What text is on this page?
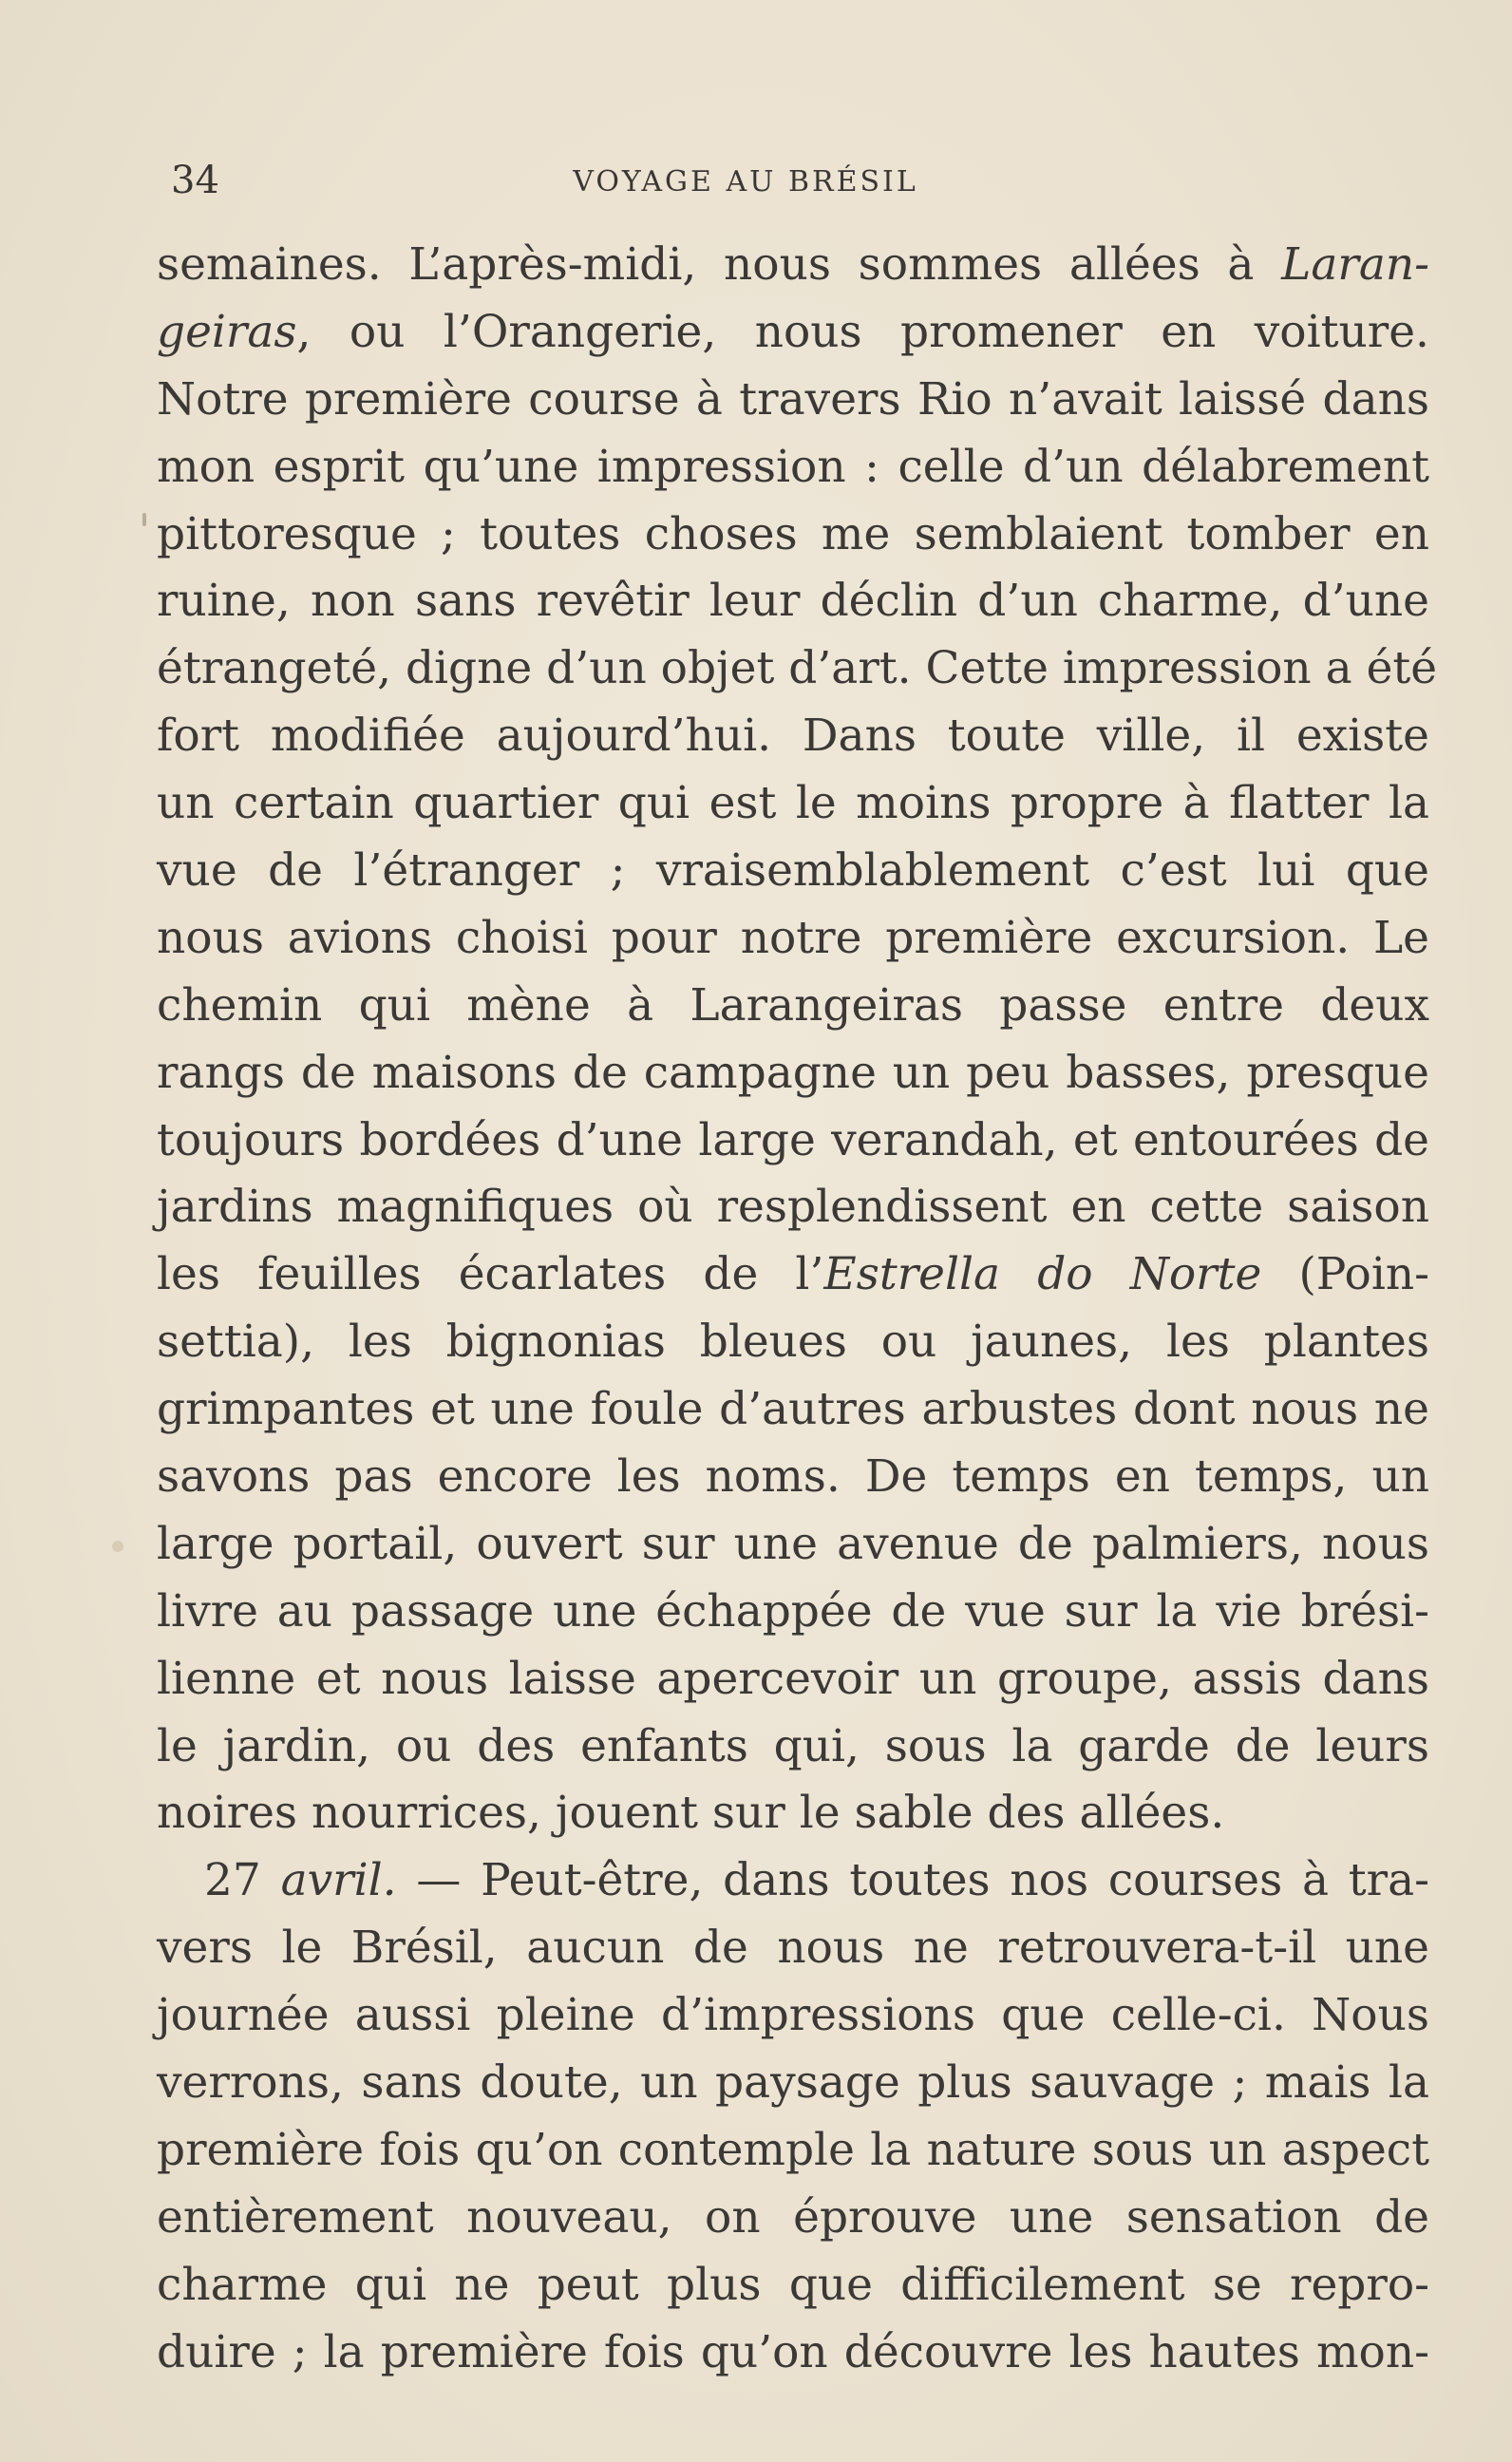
34	VOYAGE AU BRÉSIL
semaines. L’après-midi, nous sommes allées à Laran-
geiras, ou l’Orangerie, nous promener en voiture.
Notre première course à travers Rio n’avait laissé dans
mon esprit qu’une impression : celle d’un délabrement
pittoresque ; toutes choses me semblaient tomber en
ruine, non sans revêtir leur déclin d’un charme, d’une
étrangeté, digne d’un objet d’art. Cette impression a été
fort modifiée aujourd’hui. Dans toute ville, il existe
un certain quartier qui est le moins propre à flatter la
vue de l’étranger ; vraisemblablement c’est lui que
nous avions choisi pour notre première excursion. Le
chemin qui mène à Larangeiras passe entre deux
rangs de maisons de campagne un peu basses, presque
toujours bordées d’une large verandah, et entourées de
jardins magnifiques où resplendissent en cette saison
les feuilles écarlates de l’Estrella do Norte (Poin-
settia), les bignonias bleues ou jaunes, les plantes
grimpantes et une foule d’autres arbustes dont nous ne
savons pas encore les noms. De temps en temps, un
large portail, ouvert sur une avenue de palmiers, nous
livre au passage une échappée de vue sur la vie brési-
lienne et nous laisse apercevoir un groupe, assis dans
le jardin, ou des enfants qui, sous la garde de leurs
noires nourrices, jouent sur le sable des allées.
27 avril. — Peut-être, dans toutes nos courses à tra-
vers le Brésil, aucun de nous ne retrouvera-t-il une
journée aussi pleine d’impressions que celle-ci. Nous
verrons, sans doute, un paysage plus sauvage ; mais la
première fois qu’on contemple la nature sous un aspect
entièrement nouveau, on éprouve une sensation de
charme qui ne peut plus que difficilement se repro-
duire ; la première fois qu’on découvre les hautes mon-
